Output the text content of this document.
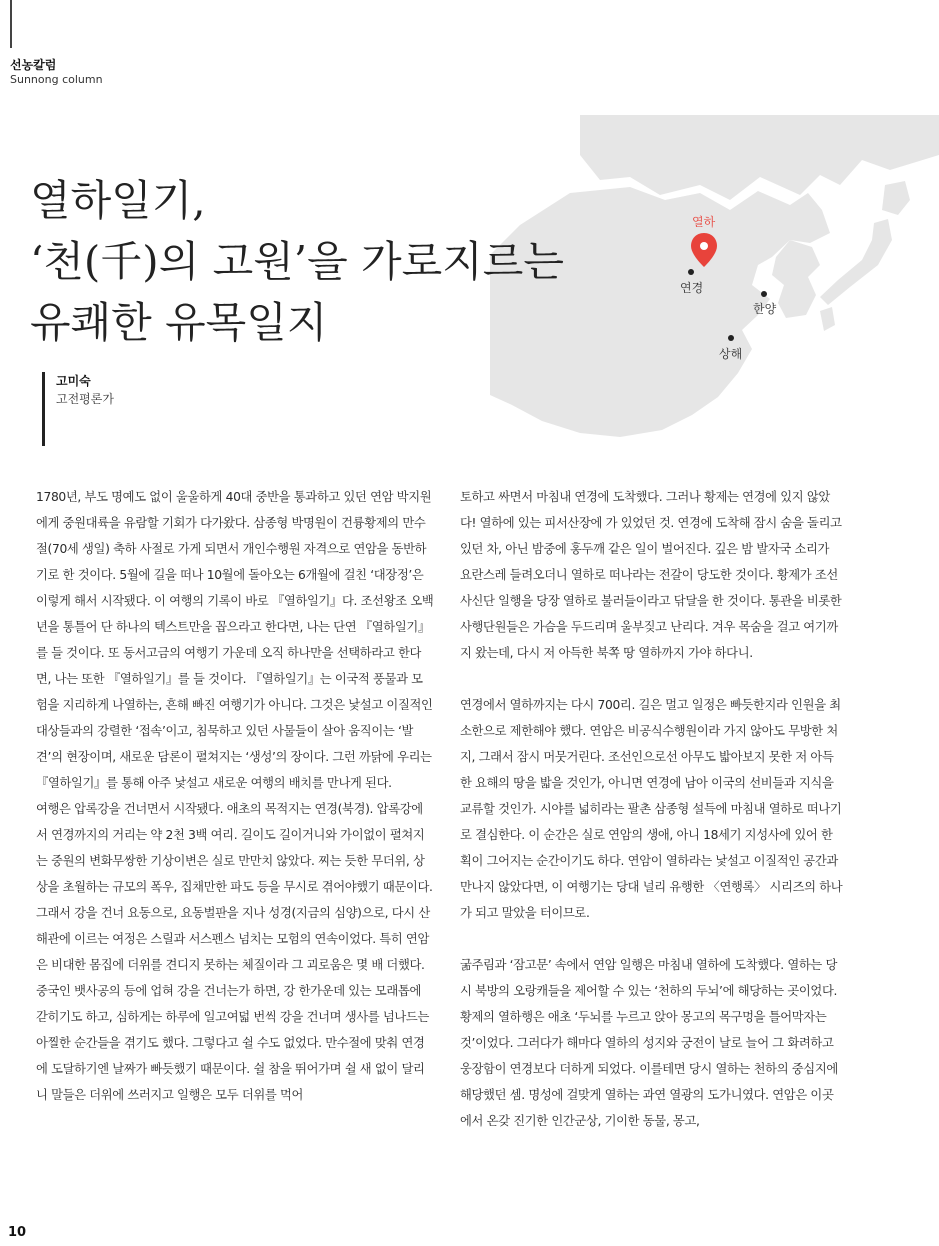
선농칼럼
Sunnong column
열하
연경
한양
상해
열하일기,
‘천(千)의 고원’을 가로지르는
유쾌한 유목일지
고미숙
고전평론가

1780년, 부도 명예도 없이 울울하게 40대 중반을 통과하고 있던 연암 박지원에게 중원대륙을 유람할 기회가 다가왔다. 삼종형 박명원이 건륭황제의 만수절(70세 생일) 축하 사절로 가게 되면서 개인수행원 자격으로 연암을 동반하기로 한 것이다. 5월에 길을 떠나 10월에 돌아오는 6개월에 걸친 ‘대장정’은 이렇게 해서 시작됐다. 이 여행의 기록이 바로 『열하일기』다. 조선왕조 오백년을 통틀어 단 하나의 텍스트만을 꼽으라고 한다면, 나는 단연 『열하일기』를 들 것이다. 또 동서고금의 여행기 가운데 오직 하나만을 선택하라고 한다면, 나는 또한 『열하일기』를 들 것이다. 『열하일기』는 이국적 풍물과 모험을 지리하게 나열하는, 흔해 빠진 여행기가 아니다. 그것은 낯설고 이질적인 대상들과의 강렬한 ‘접속’이고, 침묵하고 있던 사물들이 살아 움직이는 ‘발견’의 현장이며, 새로운 담론이 펼쳐지는 ‘생성’의 장이다. 그런 까닭에 우리는 『열하일기』를 통해 아주 낯설고 새로운 여행의 배치를 만나게 된다.

여행은 압록강을 건너면서 시작됐다. 애초의 목적지는 연경(북경). 압록강에서 연경까지의 거리는 약 2천 3백 여리. 길이도 길이거니와 가이없이 펼쳐지는 중원의 변화무쌍한 기상이변은 실로 만만치 않았다. 찌는 듯한 무더위, 상상을 초월하는 규모의 폭우, 집채만한 파도 등을 무시로 겪어야했기 때문이다. 그래서 강을 건너 요동으로, 요동벌판을 지나 성경(지금의 심양)으로, 다시 산해관에 이르는 여정은 스릴과 서스펜스 넘치는 모험의 연속이었다. 특히 연암은 비대한 몸집에 더위를 견디지 못하는 체질이라 그 괴로움은 몇 배 더했다. 중국인 뱃사공의 등에 업혀 강을 건너는가 하면, 강 한가운데 있는 모래톱에 갇히기도 하고, 심하게는 하루에 일고여덟 번씩 강을 건너며 생사를 넘나드는 아찔한 순간들을 겪기도 했다. 그렇다고 쉴 수도 없었다. 만수절에 맞춰 연경에 도달하기엔 날짜가 빠듯했기 때문이다. 쉴 참을 뛰어가며 쉴 새 없이 달리니 말들은 더위에 쓰러지고 일행은 모두 더위를 먹어

토하고 싸면서 마침내 연경에 도착했다. 그러나 황제는 연경에 있지 않았다! 열하에 있는 피서산장에 가 있었던 것. 연경에 도착해 잠시 숨을 돌리고 있던 차, 아닌 밤중에 홍두깨 같은 일이 벌어진다. 깊은 밤 발자국 소리가 요란스레 들려오더니 열하로 떠나라는 전갈이 당도한 것이다. 황제가 조선사신단 일행을 당장 열하로 불러들이라고 닦달을 한 것이다. 통관을 비롯한 사행단원들은 가슴을 두드리며 울부짖고 난리다. 겨우 목숨을 걸고 여기까지 왔는데, 다시 저 아득한 북쪽 땅 열하까지 가야 하다니.

연경에서 열하까지는 다시 700리. 길은 멀고 일정은 빠듯한지라 인원을 최소한으로 제한해야 했다. 연암은 비공식수행원이라 가지 않아도 무방한 처지, 그래서 잠시 머뭇거린다. 조선인으로선 아무도 밟아보지 못한 저 아득한 요해의 땅을 밟을 것인가, 아니면 연경에 남아 이국의 선비들과 지식을 교류할 것인가. 시야를 넓히라는 팔촌 삼종형 설득에 마침내 열하로 떠나기로 결심한다. 이 순간은 실로 연암의 생애, 아니 18세기 지성사에 있어 한 획이 그어지는 순간이기도 하다. 연암이 열하라는 낯설고 이질적인 공간과 만나지 않았다면, 이 여행기는 당대 널리 유행한 〈연행록〉 시리즈의 하나가 되고 말았을 터이므로.

굶주림과 ‘잠고문’ 속에서 연암 일행은 마침내 열하에 도착했다. 열하는 당시 북방의 오랑캐들을 제어할 수 있는 ‘천하의 두뇌’에 해당하는 곳이었다. 황제의 열하행은 애초 ‘두뇌를 누르고 앉아 몽고의 목구멍을 틀어막자는 것’이었다. 그러다가 해마다 열하의 성지와 궁전이 날로 늘어 그 화려하고 웅장함이 연경보다 더하게 되었다. 이를테면 당시 열하는 천하의 중심지에 해당했던 셈. 명성에 걸맞게 열하는 과연 열광의 도가니였다. 연암은 이곳에서 온갖 진기한 인간군상, 기이한 동물, 몽고,

10
